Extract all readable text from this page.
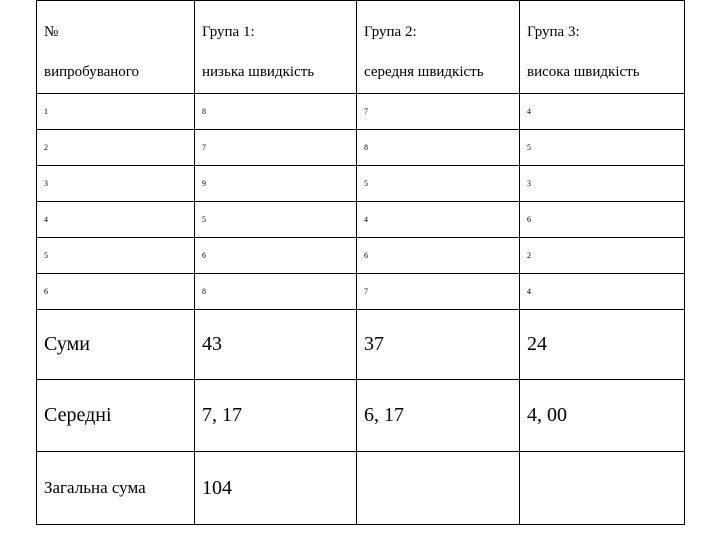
№	Група 1:	Група 2:	Група 3:
випробуваного	низька швидкість	середня швидкість	висока швидкість
1	8	7	4
2	7	8	5
3	9	5	3
4	5	4	6
5	6	6	2
6	8	7	4
Суми	43	37	24
Середні	7, 17	6, 17	4, 00
Загальна сума	104		
